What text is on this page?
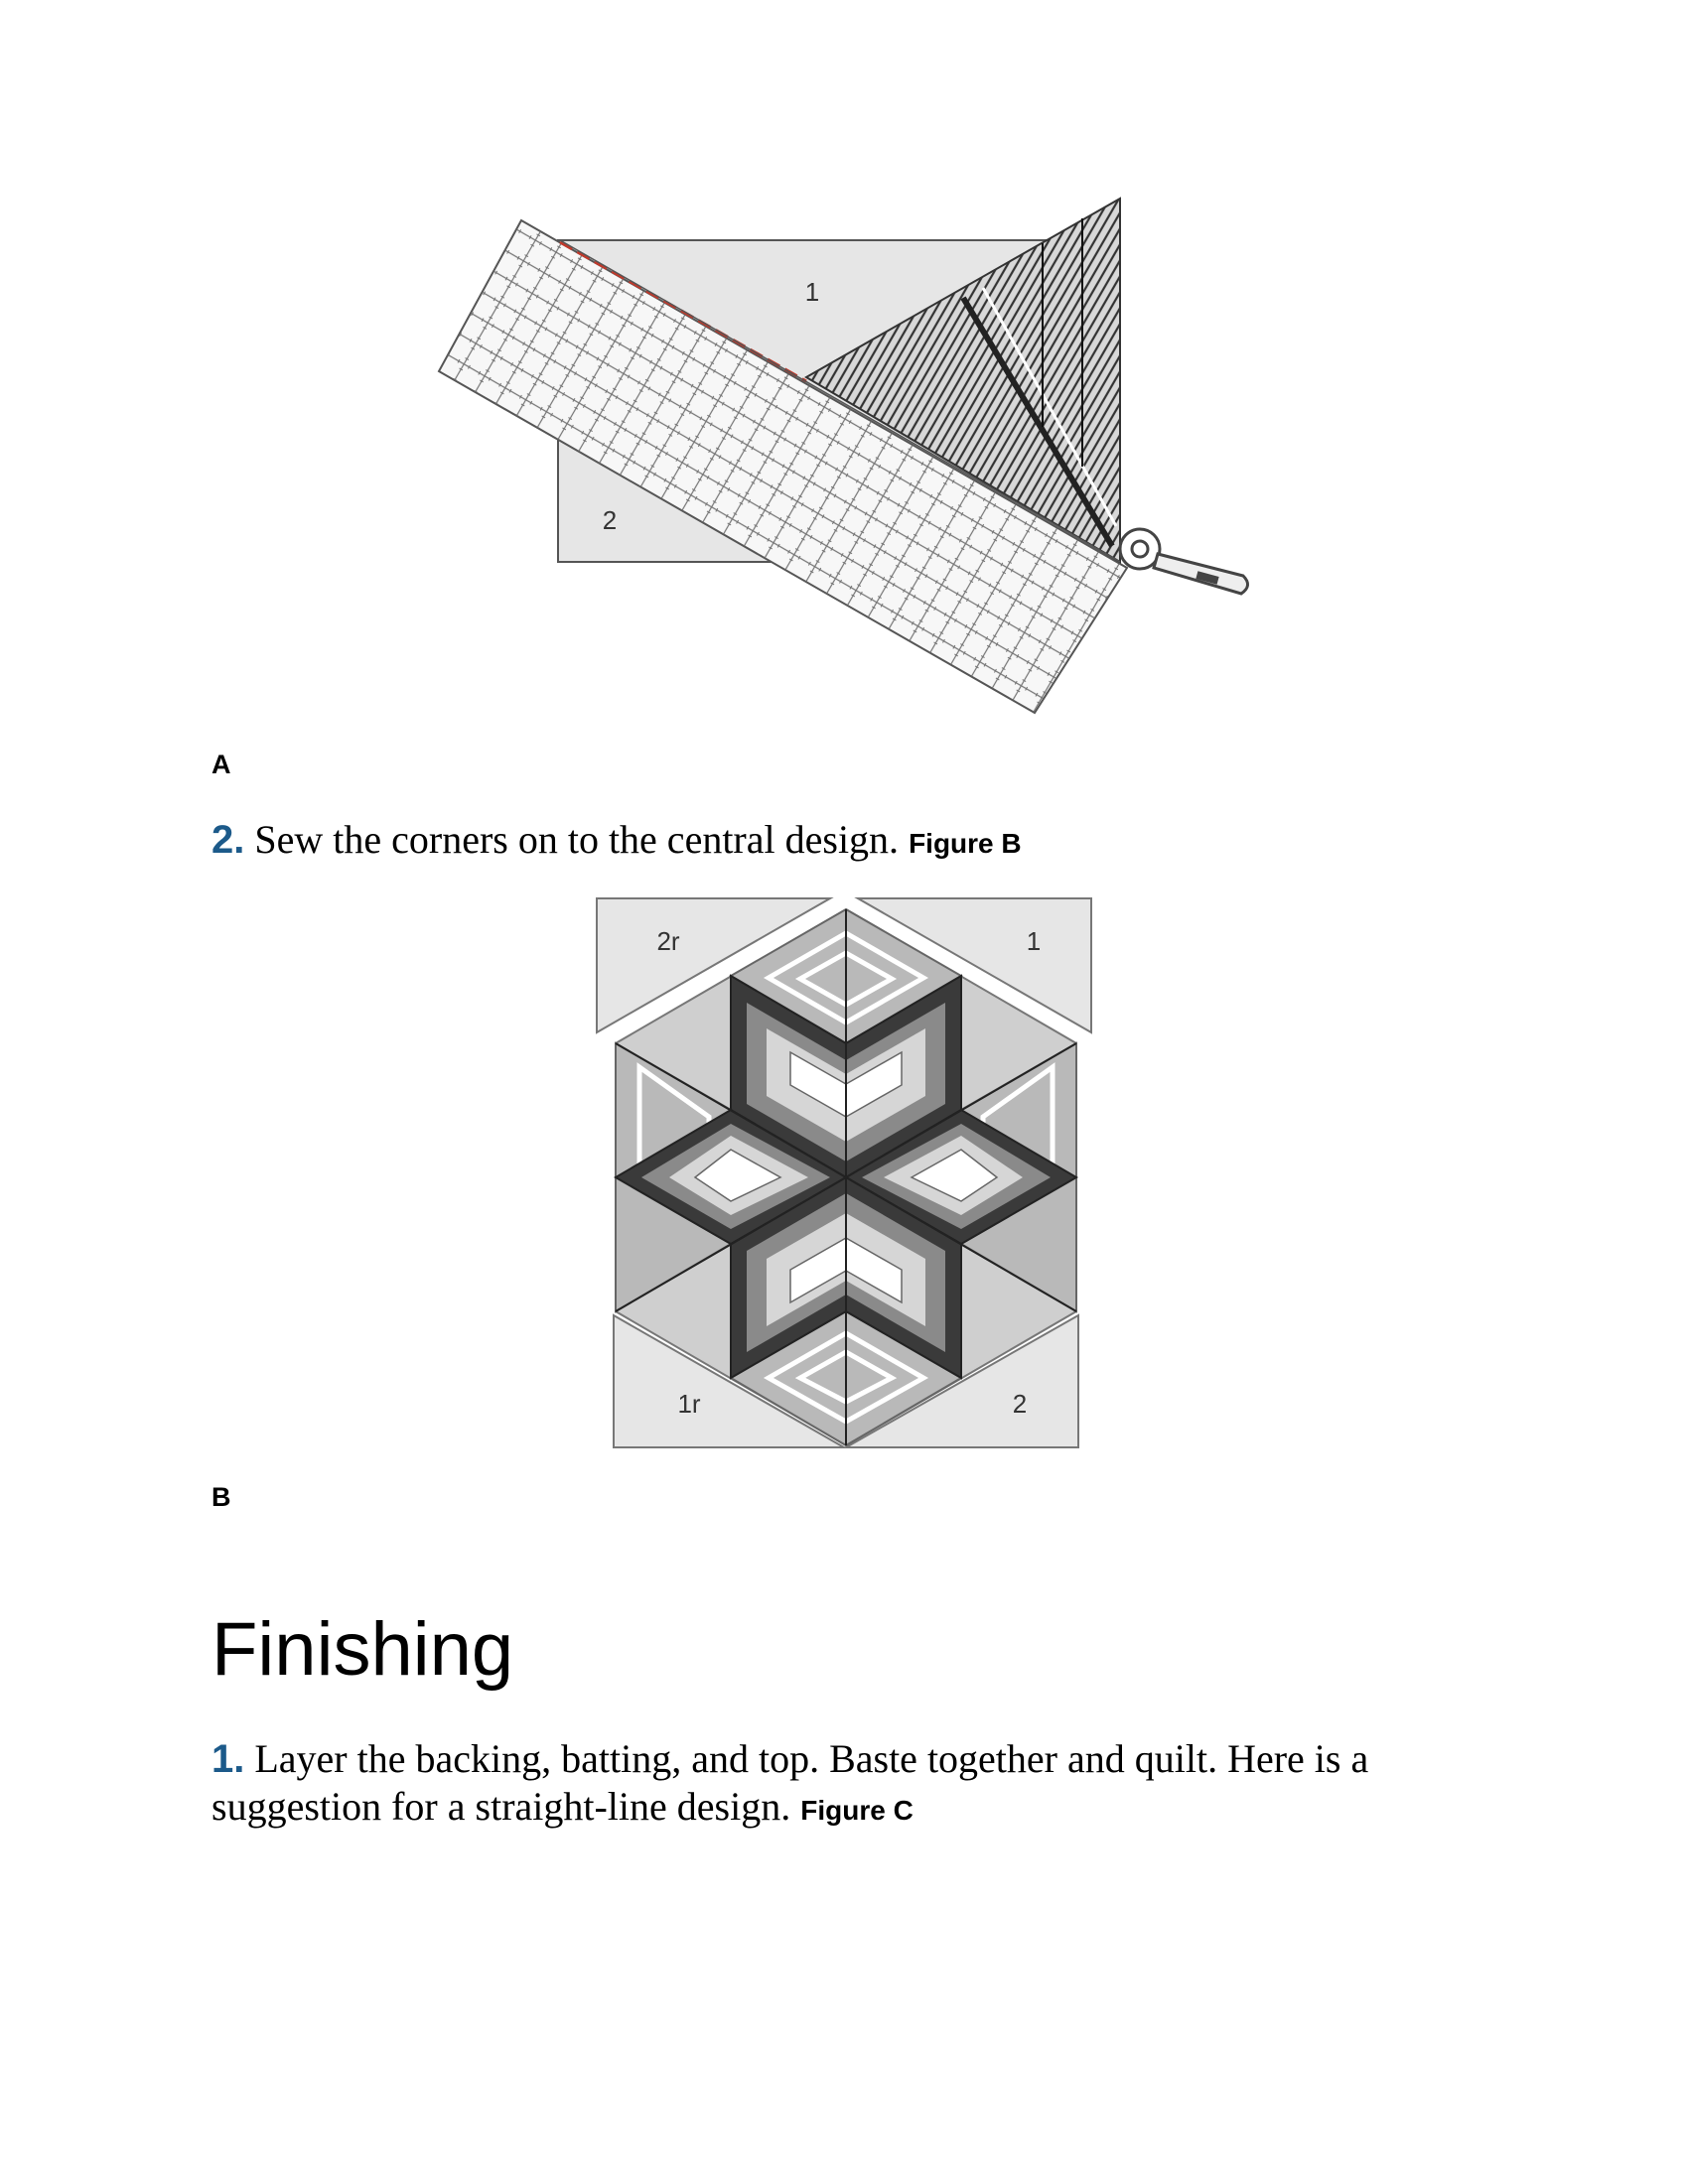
1
2
A
2. Sew the corners on to the central design. Figure B
2r	1
1r	2
B
Finishing
1. Layer the backing, batting, and top. Baste together and quilt. Here is a
suggestion for a straight-line design. Figure C
